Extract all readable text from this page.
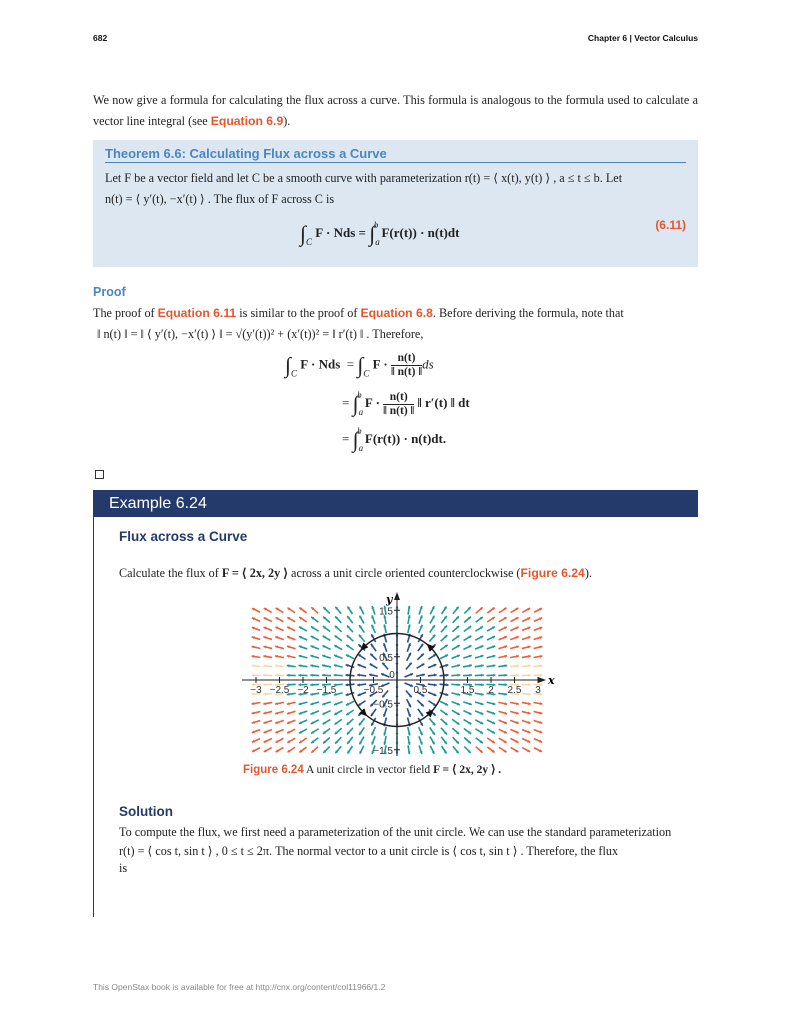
682	Chapter 6 | Vector Calculus
We now give a formula for calculating the flux across a curve. This formula is analogous to the formula used to calculate a vector line integral (see Equation 6.9).
Theorem 6.6: Calculating Flux across a Curve
Let F be a vector field and let C be a smooth curve with parameterization r(t) = ⟨ x(t), y(t) ⟩ , a ≤ t ≤ b. Let
n(t) = ⟨ y′(t), −x′(t) ⟩ . The flux of F across C is
$\int_C$ F · Nds = $\int_a^b$ F(r(t)) · n(t)dt	(6.11)
Proof
The proof of Equation 6.11 is similar to the proof of Equation 6.8. Before deriving the formula, note that
‖ n(t) ‖ = ‖ ⟨ y′(t), −x′(t) ⟩ ‖ = √(y′(t))² + (x′(t))² = ‖ r′(t) ‖ . Therefore,
$\int_C$ F · Nds = $\int_C$ $F \cdot \frac{n(t)}{‖ n(t) ‖}$ ds
= $\int_a^b$ $F \cdot \frac{n(t)}{‖ n(t) ‖}$ ‖ r′(t) ‖ dt
= $\int_a^b$ F(r(t)) · n(t)dt.
Example 6.24
Flux across a Curve
Calculate the flux of F = ⟨ 2x, 2y ⟩ across a unit circle oriented counterclockwise (Figure 6.24).
−3 −2.5 −2 −1.5	−0.5
0
0.5	1.5 2 2.5 3
1.5
0.5
−0.5
−1.5
x
y
Figure 6.24 A unit circle in vector field F = ⟨ 2x, 2y ⟩ .
Solution
To compute the flux, we first need a parameterization of the unit circle. We can use the standard parameterization
r(t) = ⟨ cos t, sin t ⟩ , 0 ≤ t ≤ 2π. The normal vector to a unit circle is ⟨ cos t, sin t ⟩ . Therefore, the flux
is
This OpenStax book is available for free at http://cnx.org/content/col11966/1.2
